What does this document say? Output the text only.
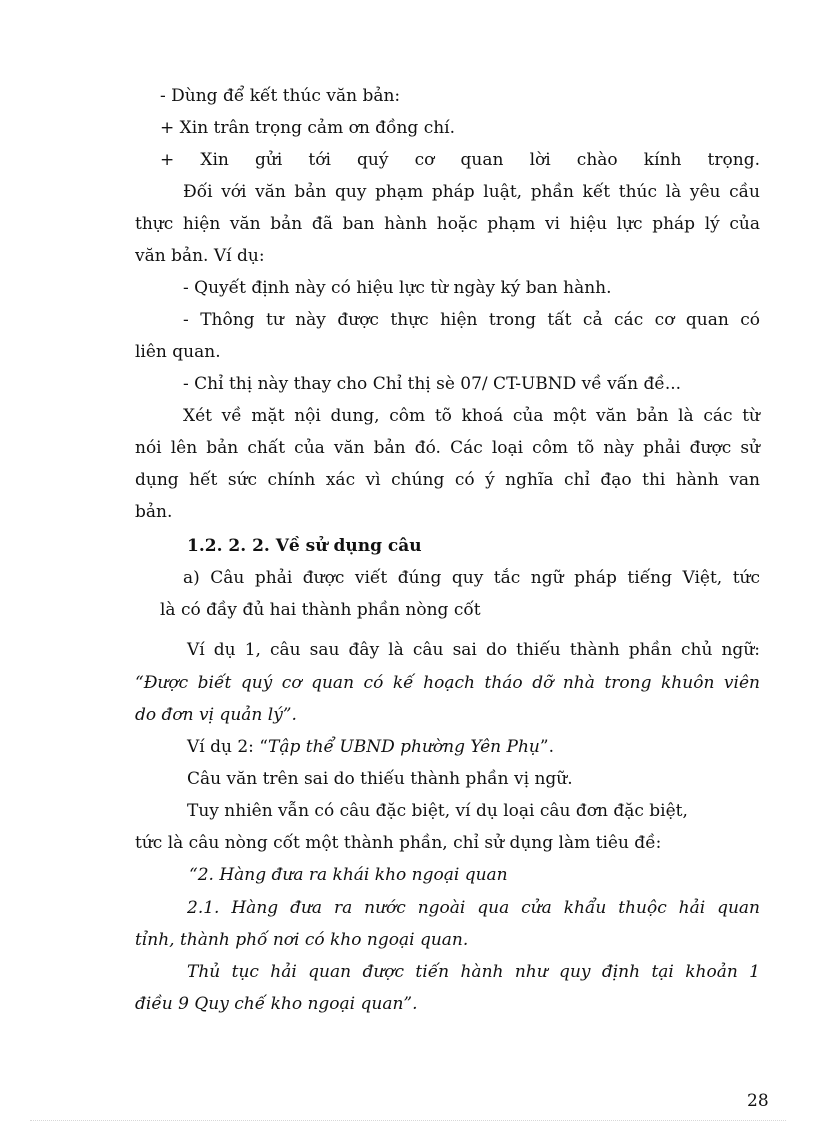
- Dùng để kết thúc văn bản:
+ Xin trân trọng cảm ơn đồng chí.
+ Xin gửi tới quý cơ quan lời chào kính trọng.
Đối với văn bản quy phạm pháp luật, phần kết thúc là yêu cầu
thực hiện văn bản đã ban hành hoặc phạm vi hiệu lực pháp lý của
văn bản. Ví dụ:
- Quyết định này có hiệu lực từ ngày ký ban hành.
- Thông tư này được thực hiện trong tất cả các cơ quan có
liên quan.
- Chỉ thị này thay cho Chỉ thị sè 07/ CT-UBND về vấn đề...
Xét về mặt nội dung, côm tõ khoá của một văn bản là các từ
nói lên bản chất của văn bản đó. Các loại côm tõ này phải được sử
dụng hết sức chính xác vì chúng có ý nghĩa chỉ đạo thi hành van
bản.
1.2. 2. 2. Về sử dụng câu
a) Câu phải được viết đúng quy tắc ngữ pháp tiếng Việt, tức
là có đầy đủ hai thành phần nòng cốt
Ví dụ 1, câu sau đây là câu sai do thiếu thành phần chủ ngữ:
“Được biết quý cơ quan có kế hoạch tháo dỡ nhà trong khuôn viên
do đơn vị quản lý”.
Ví dụ 2: “Tập thể UBND phường Yên Phụ”.
Câu văn trên sai do thiếu thành phần vị ngữ.
Tuy nhiên vẫn có câu đặc biệt, ví dụ loại câu đơn đặc biệt,
tức là câu nòng cốt một thành phần, chỉ sử dụng làm tiêu đề:
“2. Hàng đưa ra khái kho ngoại quan
2.1. Hàng đưa ra nước ngoài qua cửa khẩu thuộc hải quan
tỉnh, thành phố nơi có kho ngoại quan.
Thủ tục hải quan được tiến hành như quy định tại khoản 1
điều 9 Quy chế kho ngoại quan”.
28
